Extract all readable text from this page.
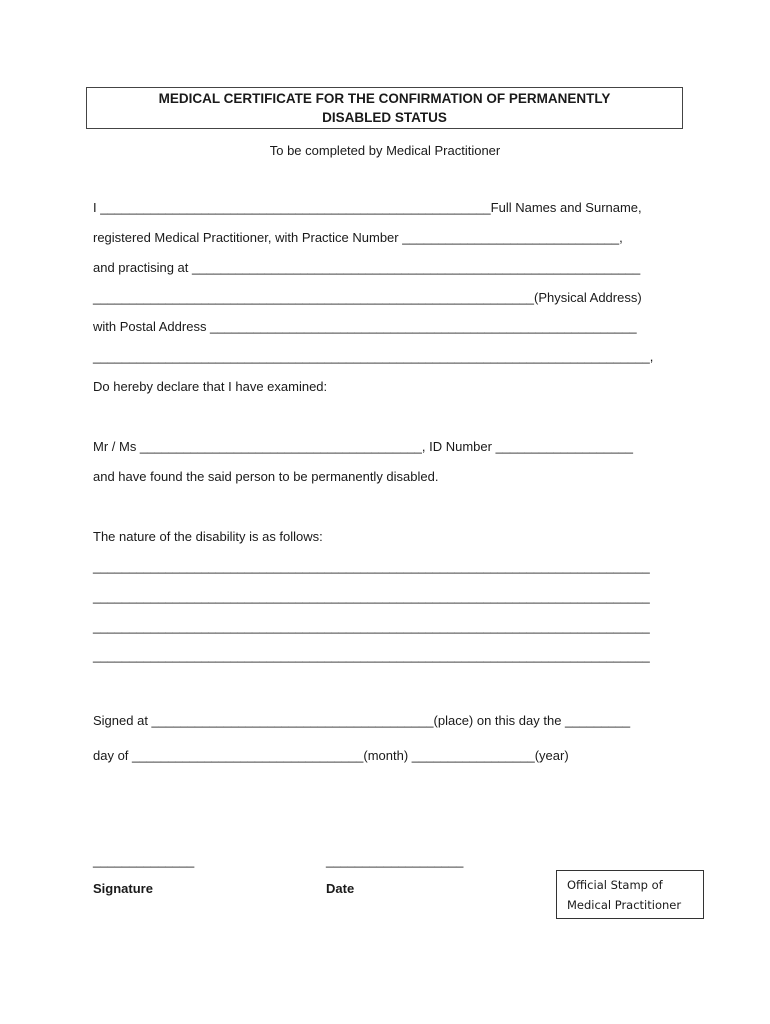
MEDICAL CERTIFICATE FOR THE CONFIRMATION OF PERMANENTLY
DISABLED STATUS
To be completed by Medical Practitioner
I ______________________________________________________Full Names and Surname,
registered Medical Practitioner, with Practice Number ______________________________,
and practising at ______________________________________________________________
_____________________________________________________________(Physical Address)
with Postal Address ___________________________________________________________
_____________________________________________________________________________,
Do hereby declare that I have examined:
Mr / Ms _______________________________________, ID Number ___________________
and have found the said person to be permanently disabled.
The nature of the disability is as follows:
_____________________________________________________________________________
_____________________________________________________________________________
_____________________________________________________________________________
_____________________________________________________________________________
Signed at _______________________________________(place) on this day the _________
day of ________________________________(month) _________________(year)
______________	___________________
Signature	Date	Official Stamp of
Medical Practitioner
